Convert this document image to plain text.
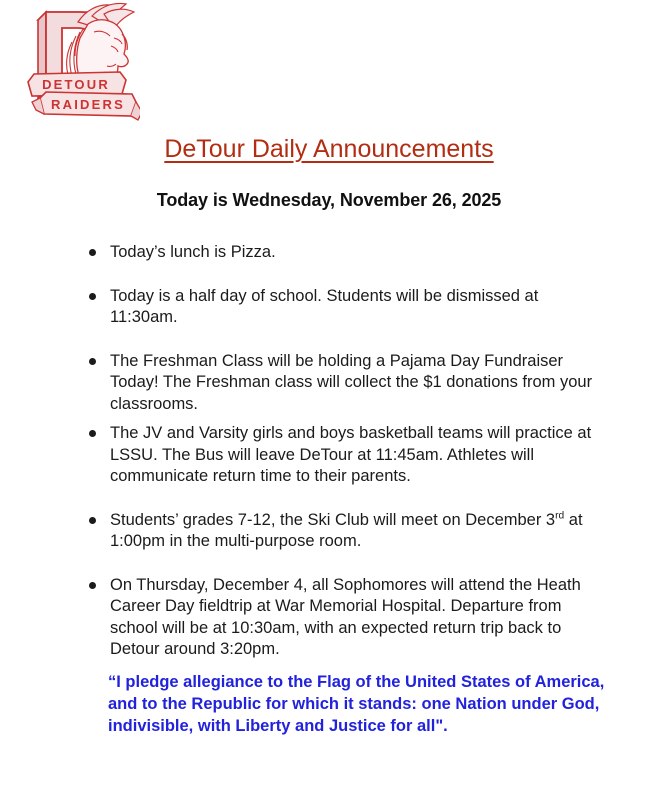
DETOUR
RAIDERS
DeTour Daily Announcements
Today is Wednesday, November 26, 2025
Today’s lunch is Pizza.
Today is a half day of school. Students will be dismissed at 11:30am.
The Freshman Class will be holding a Pajama Day Fundraiser Today! The Freshman class will collect the $1 donations from your classrooms.
The JV and Varsity girls and boys basketball teams will practice at LSSU. The Bus will leave DeTour at 11:45am. Athletes will communicate return time to their parents.
Students’ grades 7-12, the Ski Club will meet on December 3rd at 1:00pm in the multi-purpose room.
On Thursday, December 4, all Sophomores will attend the Heath Career Day fieldtrip at War Memorial Hospital. Departure from school will be at 10:30am, with an expected return trip back to Detour around 3:20pm.
“I pledge allegiance to the Flag of the United States of America, and to the Republic for which it stands: one Nation under God, indivisible, with Liberty and Justice for all".
